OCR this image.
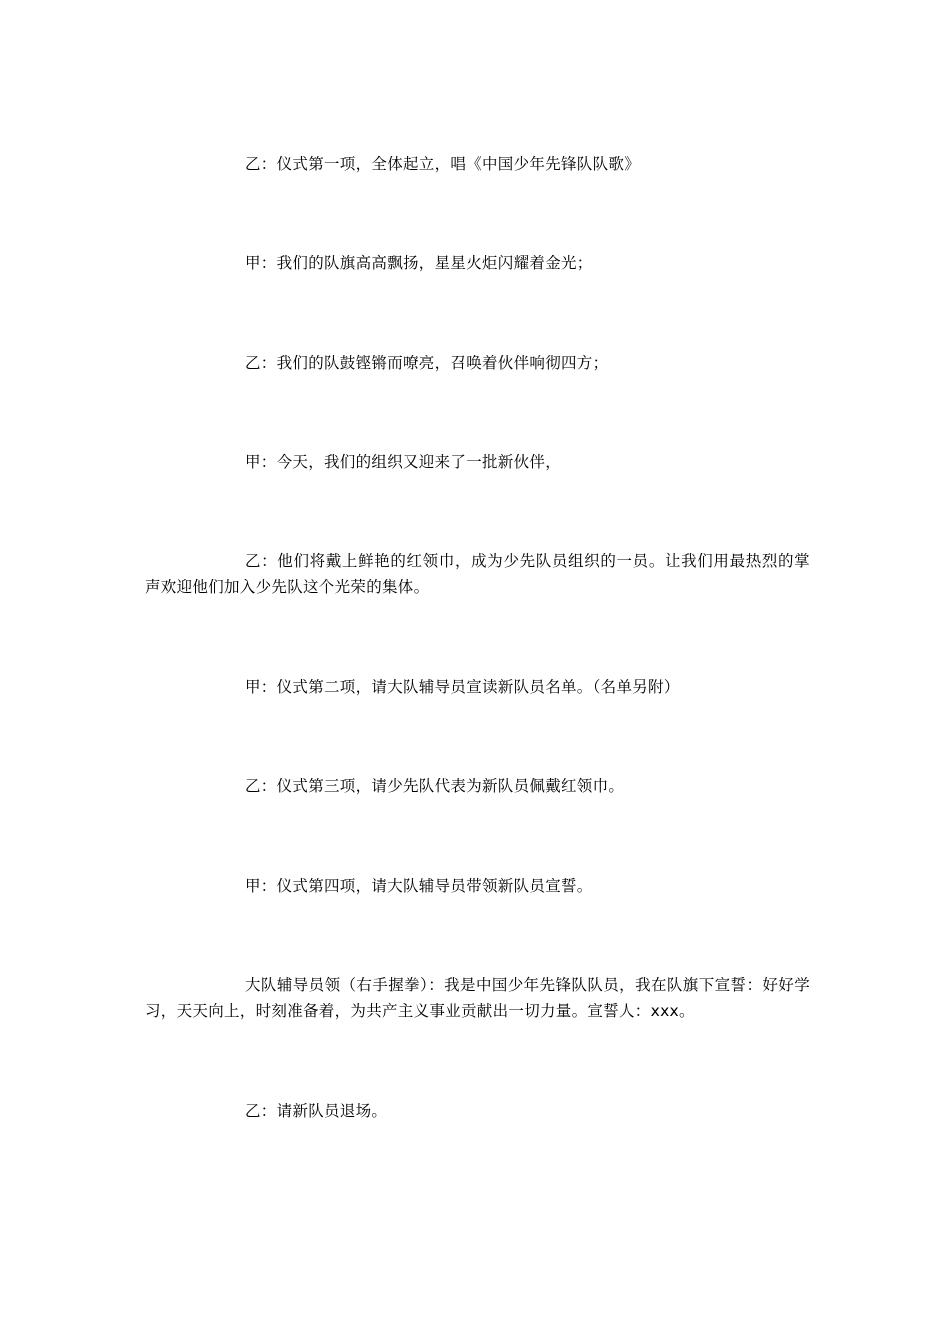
乙：仪式第一项，全体起立，唱《中国少年先锋队队歌》

甲：我们的队旗高高飘扬，星星火炬闪耀着金光；

乙：我们的队鼓铿锵而嘹亮，召唤着伙伴响彻四方；

甲：今天，我们的组织又迎来了一批新伙伴，

乙：他们将戴上鲜艳的红领巾，成为少先队员组织的一员。让我们用最热烈的掌声欢迎他们加入少先队这个光荣的集体。

甲：仪式第二项，请大队辅导员宣读新队员名单。（名单另附）

乙：仪式第三项，请少先队代表为新队员佩戴红领巾。

甲：仪式第四项，请大队辅导员带领新队员宣誓。

大队辅导员领（右手握拳）：我是中国少年先锋队队员，我在队旗下宣誓：好好学习，天天向上，时刻准备着，为共产主义事业贡献出一切力量。宣誓人：xxx。

乙：请新队员退场。
